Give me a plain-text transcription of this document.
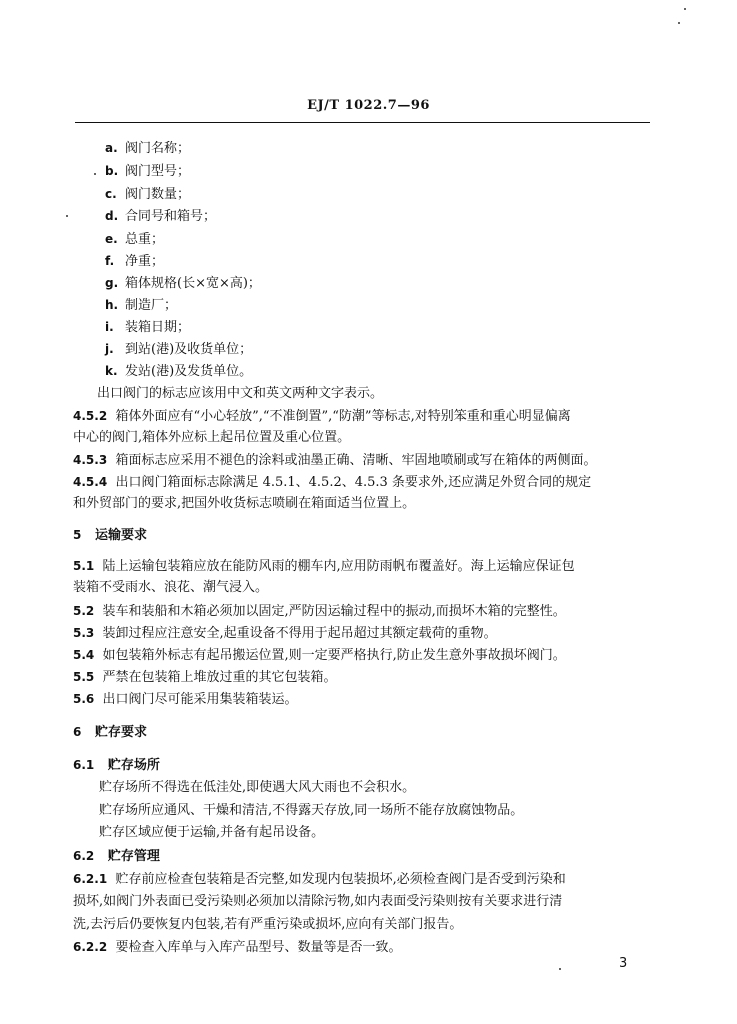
EJ/T 1022.7—96
a. 阀门名称；
b. 阀门型号；
c. 阀门数量；
d. 合同号和箱号；
e. 总重；
f. 净重；
g. 箱体规格(长×宽×高)；
h. 制造厂；
i. 装箱日期；
j. 到站(港)及收货单位；
k. 发站(港)及发货单位。
出口阀门的标志应该用中文和英文两种文字表示。
4.5.2 箱体外面应有“小心轻放”,“不准倒置”,“防潮”等标志,对特别笨重和重心明显偏离
中心的阀门,箱体外应标上起吊位置及重心位置。
4.5.3 箱面标志应采用不褪色的涂料或油墨正确、清晰、牢固地喷刷或写在箱体的两侧面。
4.5.4 出口阀门箱面标志除满足 4.5.1、4.5.2、4.5.3 条要求外,还应满足外贸合同的规定
和外贸部门的要求,把国外收货标志喷刷在箱面适当位置上。
5 运输要求
5.1 陆上运输包装箱应放在能防风雨的棚车内,应用防雨帆布覆盖好。海上运输应保证包
装箱不受雨水、浪花、潮气浸入。
5.2 装车和装船和木箱必须加以固定,严防因运输过程中的振动,而损坏木箱的完整性。
5.3 装卸过程应注意安全,起重设备不得用于起吊超过其额定载荷的重物。
5.4 如包装箱外标志有起吊搬运位置,则一定要严格执行,防止发生意外事故损坏阀门。
5.5 严禁在包装箱上堆放过重的其它包装箱。
5.6 出口阀门尽可能采用集装箱装运。
6 贮存要求
6.1 贮存场所
贮存场所不得选在低洼处,即使遇大风大雨也不会积水。
贮存场所应通风、干燥和清洁,不得露天存放,同一场所不能存放腐蚀物品。
贮存区域应便于运输,并备有起吊设备。
6.2 贮存管理
6.2.1 贮存前应检查包装箱是否完整,如发现内包装损坏,必须检查阀门是否受到污染和
损坏,如阀门外表面已受污染则必须加以清除污物,如内表面受污染则按有关要求进行清
洗,去污后仍要恢复内包装,若有严重污染或损坏,应向有关部门报告。
6.2.2 要检查入库单与入库产品型号、数量等是否一致。
3
